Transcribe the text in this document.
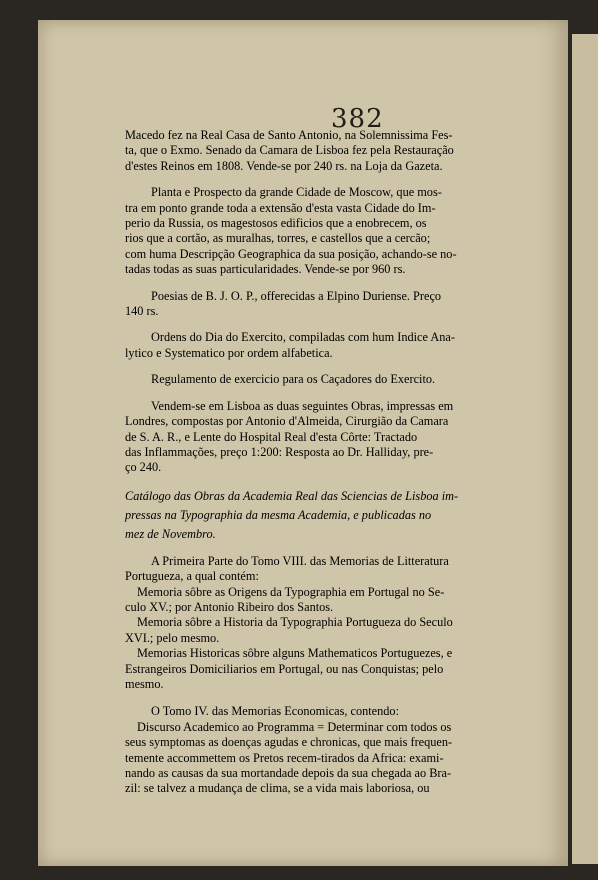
382
Macedo fez na Real Casa de Santo Antonio, na Solemnissima Fes-
ta, que o Exmo. Senado da Camara de Lisboa fez pela Restauração
d'estes Reinos em 1808. Vende-se por 240 rs. na Loja da Gazeta.
Planta e Prospecto da grande Cidade de Moscow, que mos-
tra em ponto grande toda a extensão d'esta vasta Cidade do Im-
perio da Russia, os magestosos edificios que a enobrecem, os
rios que a cortão, as muralhas, torres, e castellos que a cercão;
com huma Descripção Geographica da sua posição, achando-se no-
tadas todas as suas particularidades. Vende-se por 960 rs.
Poesias de B. J. O. P., offerecidas a Elpino Duriense. Preço
140 rs.
Ordens do Dia do Exercito, compiladas com hum Indice Ana-
lytico e Systematico por ordem alfabetica.
Regulamento de exercicio para os Caçadores do Exercito.
Vendem-se em Lisboa as duas seguintes Obras, impressas em
Londres, compostas por Antonio d'Almeida, Cirurgião da Camara
de S. A. R., e Lente do Hospital Real d'esta Côrte: Tractado
das Inflammações, preço 1:200: Resposta ao Dr. Halliday, pre-
ço 240.
Catálogo das Obras da Academia Real das Sciencias de Lisboa im-
pressas na Typographia da mesma Academia, e publicadas no
mez de Novembro.
A Primeira Parte do Tomo VIII. das Memorias de Litteratura
Portugueza, a qual contém:
Memoria sôbre as Origens da Typographia em Portugal no Se-
culo XV.; por Antonio Ribeiro dos Santos.
Memoria sôbre a Historia da Typographia Portugueza do Seculo
XVI.; pelo mesmo.
Memorias Historicas sôbre alguns Mathematicos Portuguezes, e
Estrangeiros Domiciliarios em Portugal, ou nas Conquistas; pelo
mesmo.
O Tomo IV. das Memorias Economicas, contendo:
Discurso Academico ao Programma = Determinar com todos os
seus symptomas as doenças agudas e chronicas, que mais frequen-
temente accommettem os Pretos recem-tirados da Africa: exami-
nando as causas da sua mortandade depois da sua chegada ao Bra-
zil: se talvez a mudança de clima, se a vida mais laboriosa, ou
